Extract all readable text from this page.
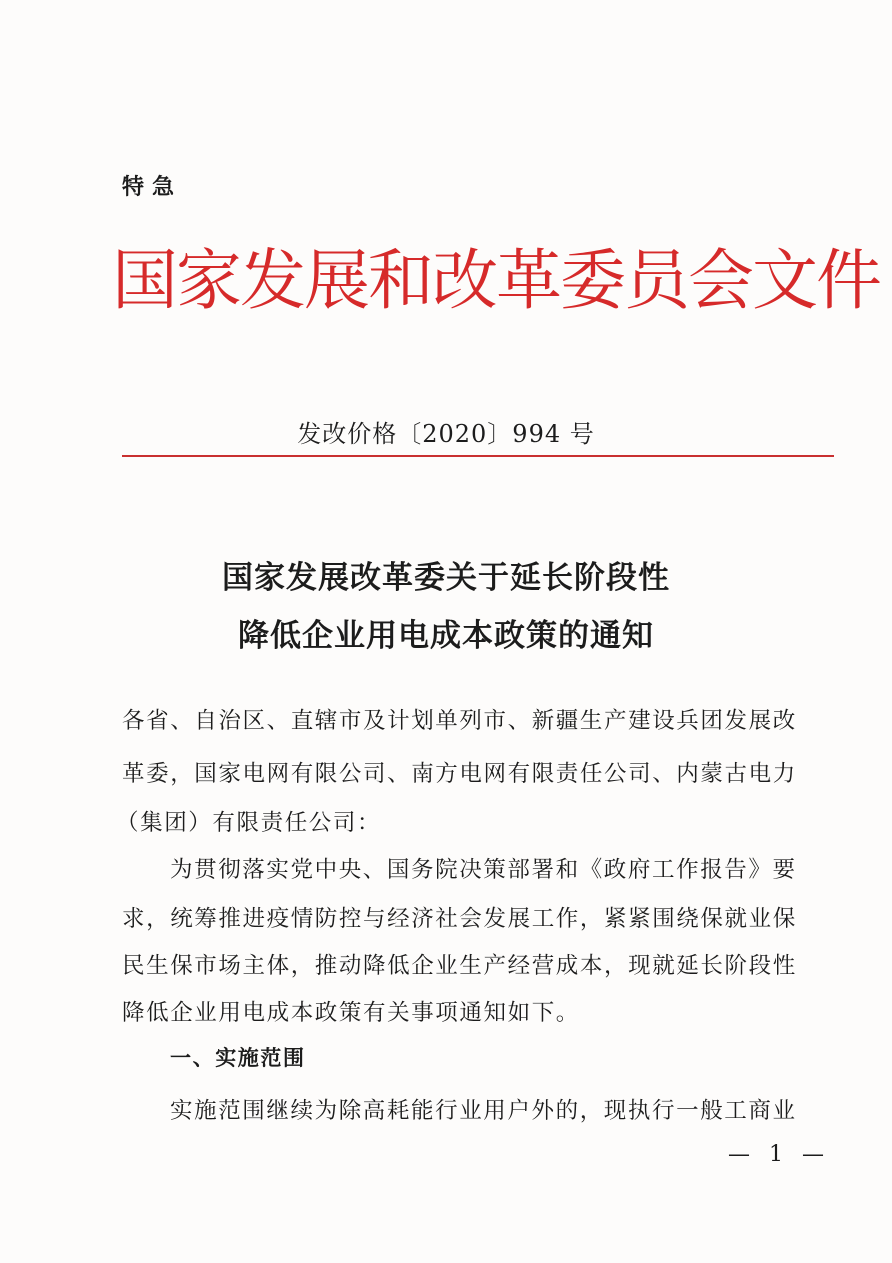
特急
国家发展和改革委员会文件
发改价格〔2020〕994 号
国家发展改革委关于延长阶段性
降低企业用电成本政策的通知
各省、自治区、直辖市及计划单列市、新疆生产建设兵团发展改
革委，国家电网有限公司、南方电网有限责任公司、内蒙古电力
（集团）有限责任公司：
为贯彻落实党中央、国务院决策部署和《政府工作报告》要
求，统筹推进疫情防控与经济社会发展工作，紧紧围绕保就业保
民生保市场主体，推动降低企业生产经营成本，现就延长阶段性
降低企业用电成本政策有关事项通知如下。
一、实施范围
实施范围继续为除高耗能行业用户外的，现执行一般工商业
— 1 —
